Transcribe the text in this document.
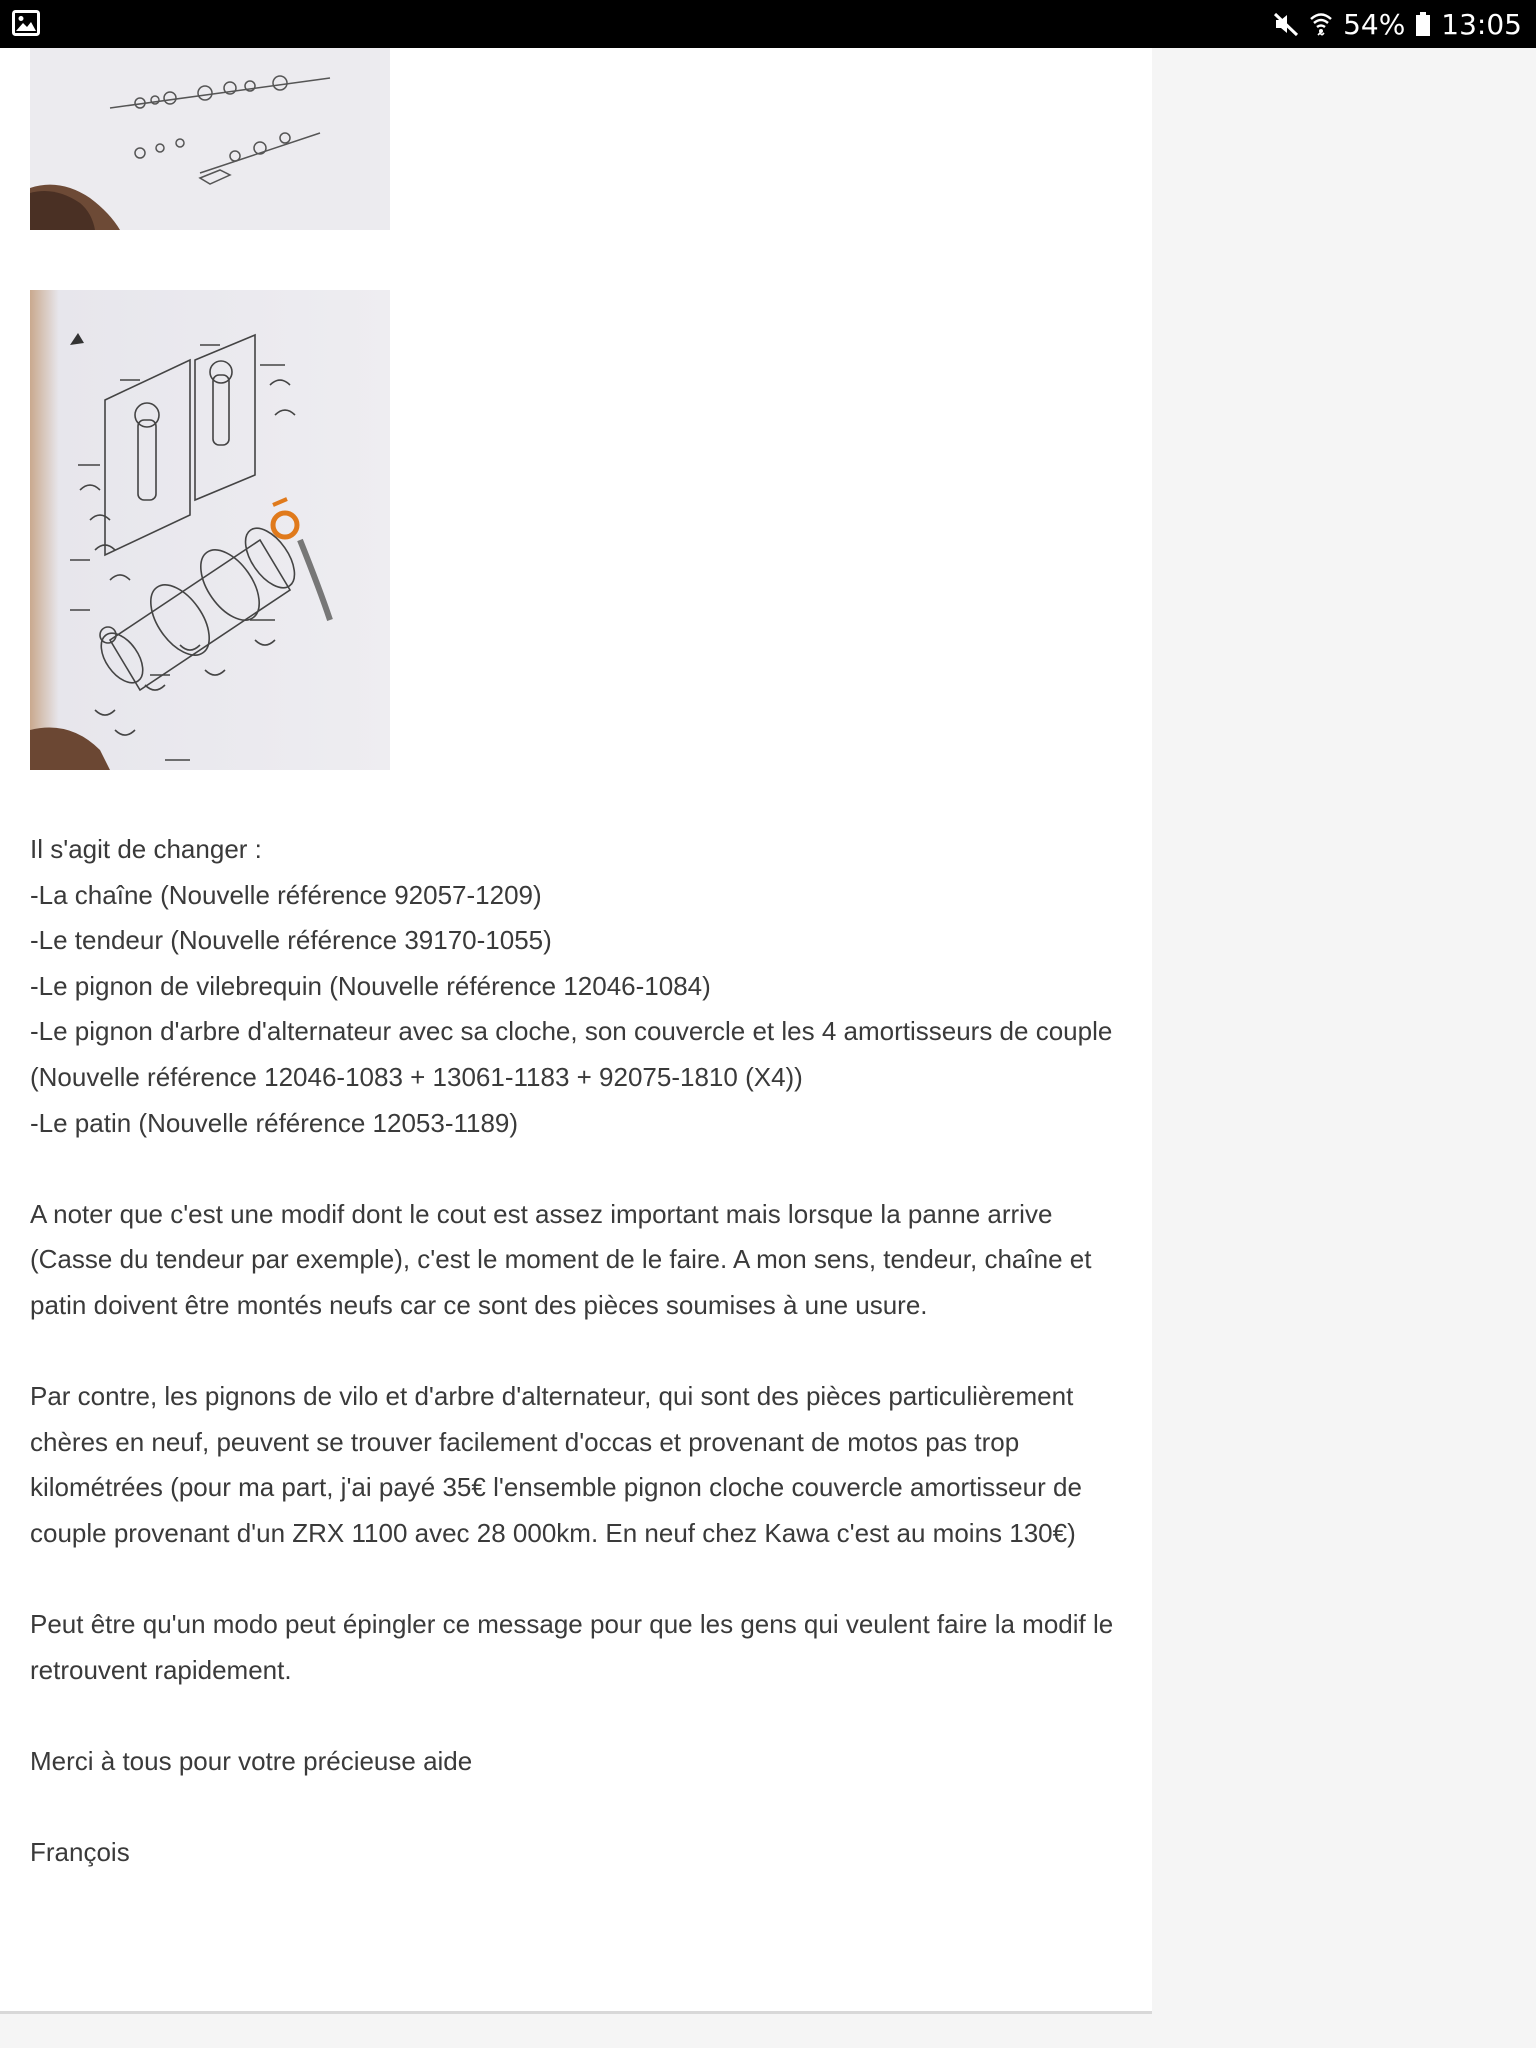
54% 13:05

Il s'agit de changer :
-La chaîne (Nouvelle référence 92057-1209)
-Le tendeur (Nouvelle référence 39170-1055)
-Le pignon de vilebrequin (Nouvelle référence 12046-1084)
-Le pignon d'arbre d'alternateur avec sa cloche, son couvercle et les 4 amortisseurs de couple (Nouvelle référence 12046-1083 + 13061-1183 + 92075-1810 (X4))
-Le patin (Nouvelle référence 12053-1189)

A noter que c'est une modif dont le cout est assez important mais lorsque la panne arrive (Casse du tendeur par exemple), c'est le moment de le faire. A mon sens, tendeur, chaîne et patin doivent être montés neufs car ce sont des pièces soumises à une usure.

Par contre, les pignons de vilo et d'arbre d'alternateur, qui sont des pièces particulièrement chères en neuf, peuvent se trouver facilement d'occas et provenant de motos pas trop kilométrées (pour ma part, j'ai payé 35€ l'ensemble pignon cloche couvercle amortisseur de couple provenant d'un ZRX 1100 avec 28 000km. En neuf chez Kawa c'est au moins 130€)

Peut être qu'un modo peut épingler ce message pour que les gens qui veulent faire la modif le retrouvent rapidement.

Merci à tous pour votre précieuse aide

François
